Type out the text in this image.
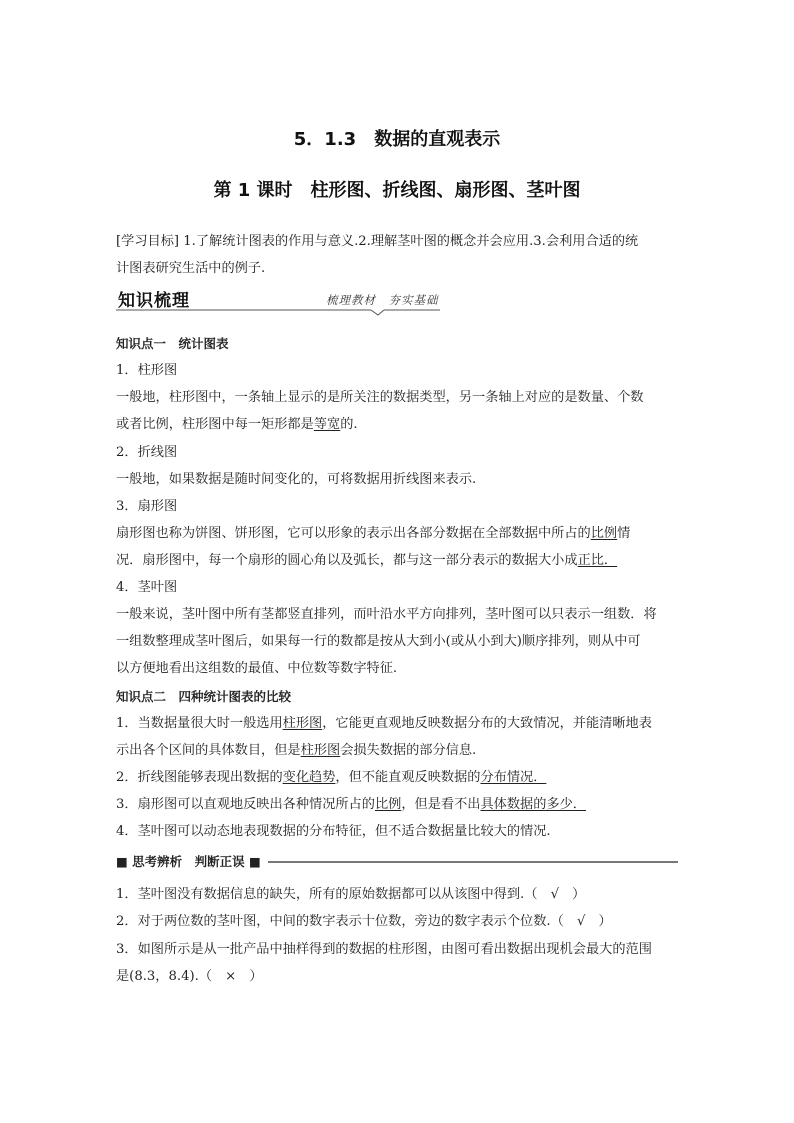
5．1.3　数据的直观表示
第 1 课时　柱形图、折线图、扇形图、茎叶图
[学习目标] 1.了解统计图表的作用与意义.2.理解茎叶图的概念并会应用.3.会利用合适的统
计图表研究生活中的例子.
知识梳理	梳理教材　夯实基础
知识点一　统计图表
1．柱形图
一般地，柱形图中，一条轴上显示的是所关注的数据类型，另一条轴上对应的是数量、个数
或者比例，柱形图中每一矩形都是等宽的.
2．折线图
一般地，如果数据是随时间变化的，可将数据用折线图来表示.
3．扇形图
扇形图也称为饼图、饼形图，它可以形象的表示出各部分数据在全部数据中所占的比例情
况．扇形图中，每一个扇形的圆心角以及弧长，都与这一部分表示的数据大小成正比．
4．茎叶图
一般来说，茎叶图中所有茎都竖直排列，而叶沿水平方向排列，茎叶图可以只表示一组数．将
一组数整理成茎叶图后，如果每一行的数都是按从大到小(或从小到大)顺序排列，则从中可
以方便地看出这组数的最值、中位数等数字特征.
知识点二　四种统计图表的比较
1．当数据量很大时一般选用柱形图，它能更直观地反映数据分布的大致情况，并能清晰地表
示出各个区间的具体数目，但是柱形图会损失数据的部分信息.
2．折线图能够表现出数据的变化趋势，但不能直观反映数据的分布情况．
3．扇形图可以直观地反映出各种情况所占的比例，但是看不出具体数据的多少．
4．茎叶图可以动态地表现数据的分布特征，但不适合数据量比较大的情况.
■ 思考辨析　判断正误 ■
1．茎叶图没有数据信息的缺失，所有的原始数据都可以从该图中得到.（　√　）
2．对于两位数的茎叶图，中间的数字表示十位数，旁边的数字表示个位数.（　√　）
3．如图所示是从一批产品中抽样得到的数据的柱形图，由图可看出数据出现机会最大的范围
是(8.3，8.4).（　×　）
